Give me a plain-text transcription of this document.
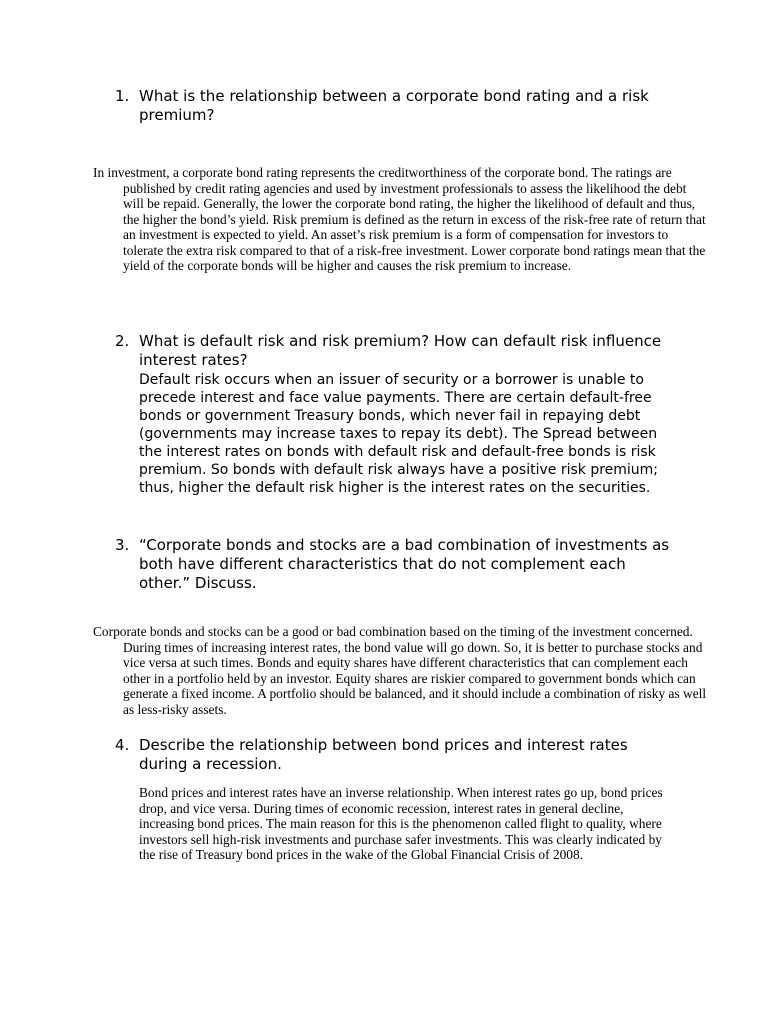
1. What is the relationship between a corporate bond rating and a risk premium?

In investment, a corporate bond rating represents the creditworthiness of the corporate bond. The ratings are published by credit rating agencies and used by investment professionals to assess the likelihood the debt will be repaid. Generally, the lower the corporate bond rating, the higher the likelihood of default and thus, the higher the bond’s yield. Risk premium is defined as the return in excess of the risk-free rate of return that an investment is expected to yield. An asset’s risk premium is a form of compensation for investors to tolerate the extra risk compared to that of a risk-free investment. Lower corporate bond ratings mean that the yield of the corporate bonds will be higher and causes the risk premium to increase.

2. What is default risk and risk premium? How can default risk influence interest rates?
Default risk occurs when an issuer of security or a borrower is unable to precede interest and face value payments. There are certain default-free bonds or government Treasury bonds, which never fail in repaying debt (governments may increase taxes to repay its debt). The Spread between the interest rates on bonds with default risk and default-free bonds is risk premium. So bonds with default risk always have a positive risk premium; thus, higher the default risk higher is the interest rates on the securities.
3. “Corporate bonds and stocks are a bad combination of investments as both have different characteristics that do not complement each other.” Discuss.

Corporate bonds and stocks can be a good or bad combination based on the timing of the investment concerned. During times of increasing interest rates, the bond value will go down. So, it is better to purchase stocks and vice versa at such times. Bonds and equity shares have different characteristics that can complement each other in a portfolio held by an investor. Equity shares are riskier compared to government bonds which can generate a fixed income. A portfolio should be balanced, and it should include a combination of risky as well as less-risky assets.

4. Describe the relationship between bond prices and interest rates during a recession.

Bond prices and interest rates have an inverse relationship. When interest rates go up, bond prices drop, and vice versa. During times of economic recession, interest rates in general decline, increasing bond prices. The main reason for this is the phenomenon called flight to quality, where investors sell high-risk investments and purchase safer investments. This was clearly indicated by the rise of Treasury bond prices in the wake of the Global Financial Crisis of 2008.
